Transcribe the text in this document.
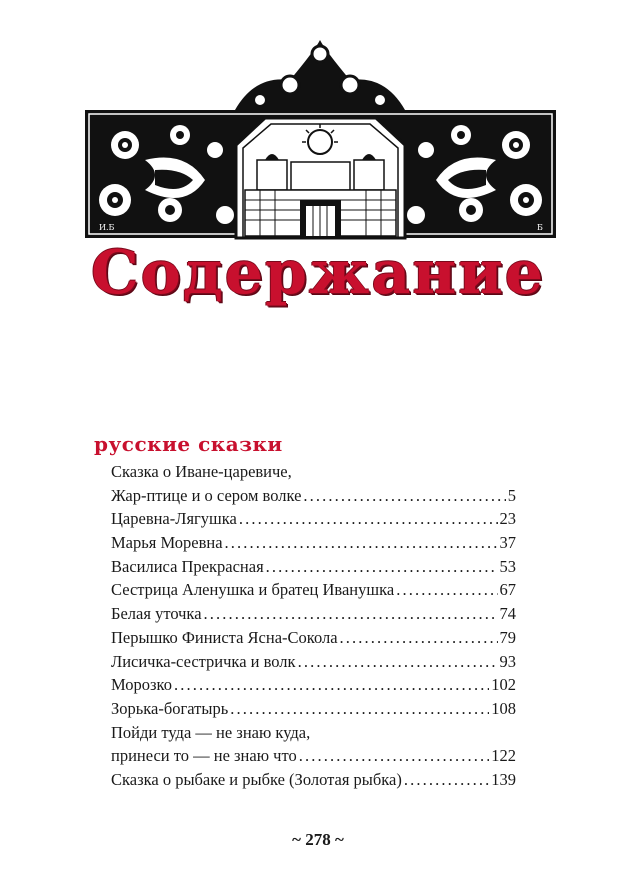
И.Б	Б
Содержание
русские сказки
Сказка о Иване-царевиче,
Жар-птице и о сером волке . . .	5
Царевна-Лягушка . . .	23
Марья Моревна . . .	37
Василиса Прекрасная . . .	53
Сестрица Аленушка и братец Иванушка . . .	67
Белая уточка . . .	74
Перышко Финиста Ясна-Сокола . . .	79
Лисичка-сестричка и волк . . .	93
Морозко . . .	102
Зорька-богатырь . . .	108
Пойди туда — не знаю куда,
принеси то — не знаю что . . .	122
Сказка о рыбаке и рыбке (Золотая рыбка) . . .	139
~ 278 ~
